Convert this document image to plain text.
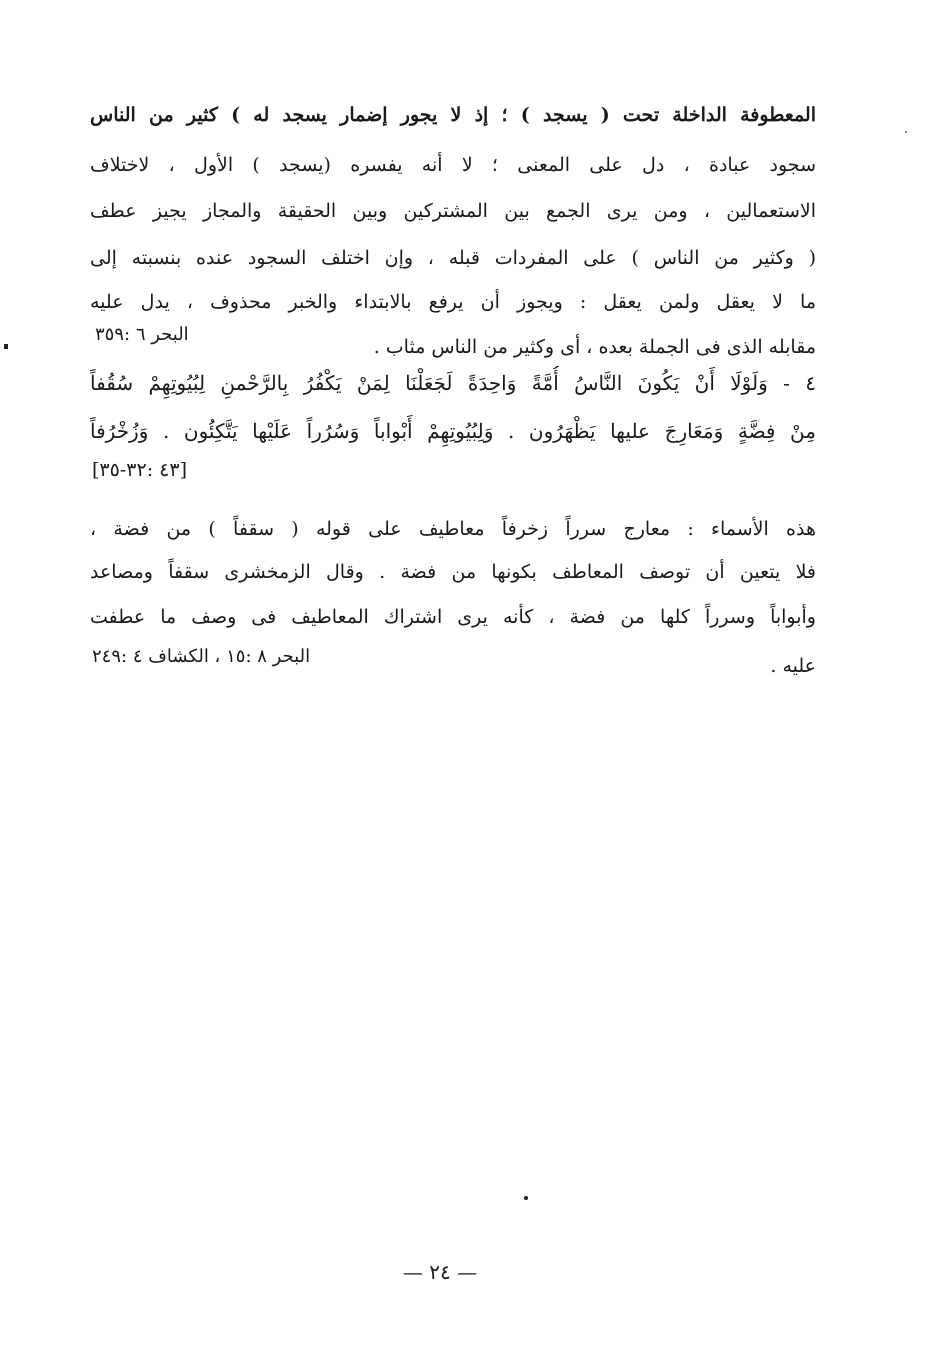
المعطوفة الداخلة تحت ( يسجد ) ؛ إذ لا يجور إضمار يسجد له ) كثير من الناس
سجود عبادة ، دل على المعنى ؛ لا أنه يفسره (يسجد ) الأول ، لاختلاف
الاستعمالين ، ومن يرى الجمع بين المشتركين وبين الحقيقة والمجاز يجيز عطف
( وكثير من الناس ) على المفردات قبله ، وإن اختلف السجود عنده بنسبته إلى
ما لا يعقل ولمن يعقل : ويجوز أن يرفع بالابتداء والخبر محذوف ، يدل عليه
مقابله الذى فى الجملة بعده ، أى وكثير من الناس مثاب .
البحر ٦ :٣٥٩
٤ - وَلَوْلَا أَنْ يَكُونَ النَّاسُ أُمَّةً وَاحِدَةً لَجَعَلْنَا لِمَنْ يَكْفُرُ بِالرَّحْمنِ لِبُيُوتِهِمْ سُقُفاً
مِنْ فِضَّةٍ وَمَعَارِجَ عليها يَظْهَرُون . وَلِبُيُوتِهِمْ أَبْواباً وَسُرُراً عَلَيْها يَتَّكِئُون . وَزُخْرُفاً
[٤٣ :٣٢-٣٥]
هذه الأسماء : معارج سرراً زخرفاً معاطيف على قوله ( سقفاً ) من فضة ،
فلا يتعين أن توصف المعاطف بكونها من فضة . وقال الزمخشرى سقفاً ومصاعد
وأبواباً وسرراً كلها من فضة ، كأنه يرى اشتراك المعاطيف فى وصف ما عطفت
عليه .
البحر ٨ :١٥ ، الكشاف ٤ :٢٤٩
— ٢٤ —
